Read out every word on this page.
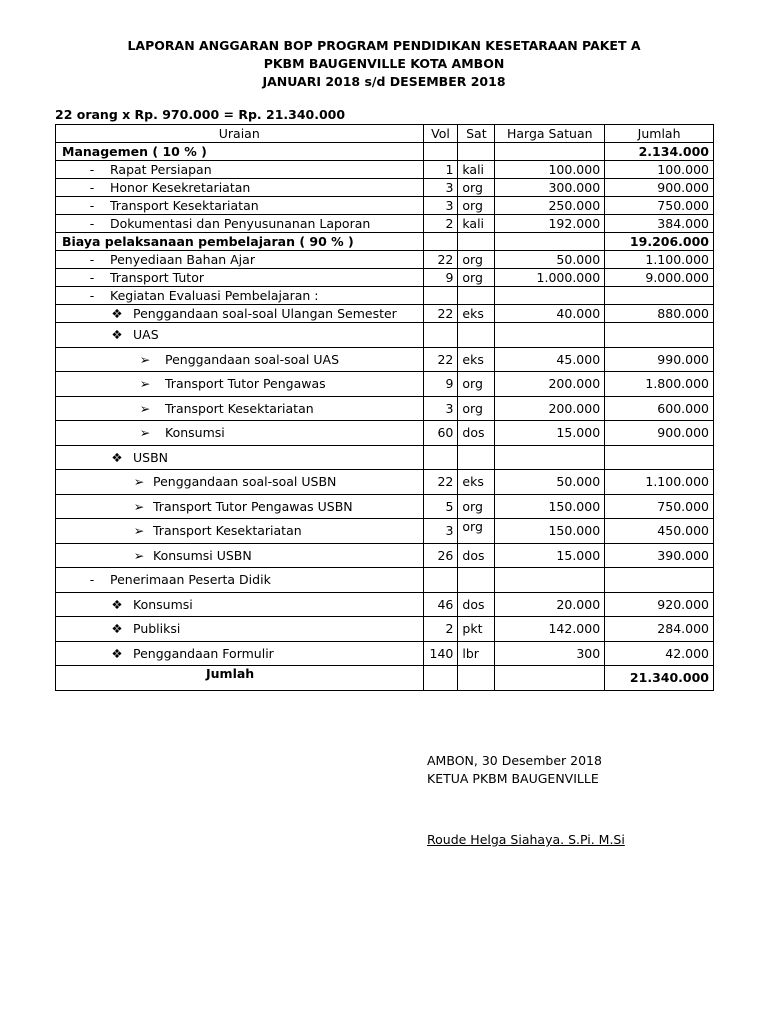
LAPORAN ANGGARAN BOP PROGRAM PENDIDIKAN KESETARAAN PAKET A
PKBM BAUGENVILLE KOTA AMBON
JANUARI 2018 s/d DESEMBER 2018
22 orang x Rp. 970.000 = Rp. 21.340.000
Uraian	Vol	Sat	Harga Satuan	Jumlah
Managemen ( 10 % )				2.134.000
- Rapat Persiapan	1	kali	100.000	100.000
- Honor Kesekretariatan	3	org	300.000	900.000
- Transport Kesektariatan	3	org	250.000	750.000
- Dokumentasi dan Penyusunanan Laporan	2	kali	192.000	384.000
Biaya pelaksanaan pembelajaran ( 90 % )				19.206.000
- Penyediaan Bahan Ajar	22	org	50.000	1.100.000
- Transport Tutor	9	org	1.000.000	9.000.000
- Kegiatan Evaluasi Pembelajaran :				
❖ Penggandaan soal-soal Ulangan Semester	22	eks	40.000	880.000
❖ UAS				
➢ Penggandaan soal-soal UAS	22	eks	45.000	990.000
➢ Transport Tutor Pengawas	9	org	200.000	1.800.000
➢ Transport Kesektariatan	3	org	200.000	600.000
➢ Konsumsi	60	dos	15.000	900.000
❖ USBN				
➢ Penggandaan soal-soal USBN	22	eks	50.000	1.100.000
➢ Transport Tutor Pengawas USBN	5	org	150.000	750.000
➢ Transport Kesektariatan	3	org	150.000	450.000
➢ Konsumsi USBN	26	dos	15.000	390.000
- Penerimaan Peserta Didik				
❖ Konsumsi	46	dos	20.000	920.000
❖ Publiksi	2	pkt	142.000	284.000
❖ Penggandaan Formulir	140	lbr	300	42.000
Jumlah				21.340.000
AMBON, 30 Desember 2018
KETUA PKBM BAUGENVILLE
Roude Helga Siahaya. S.Pi. M.Si
